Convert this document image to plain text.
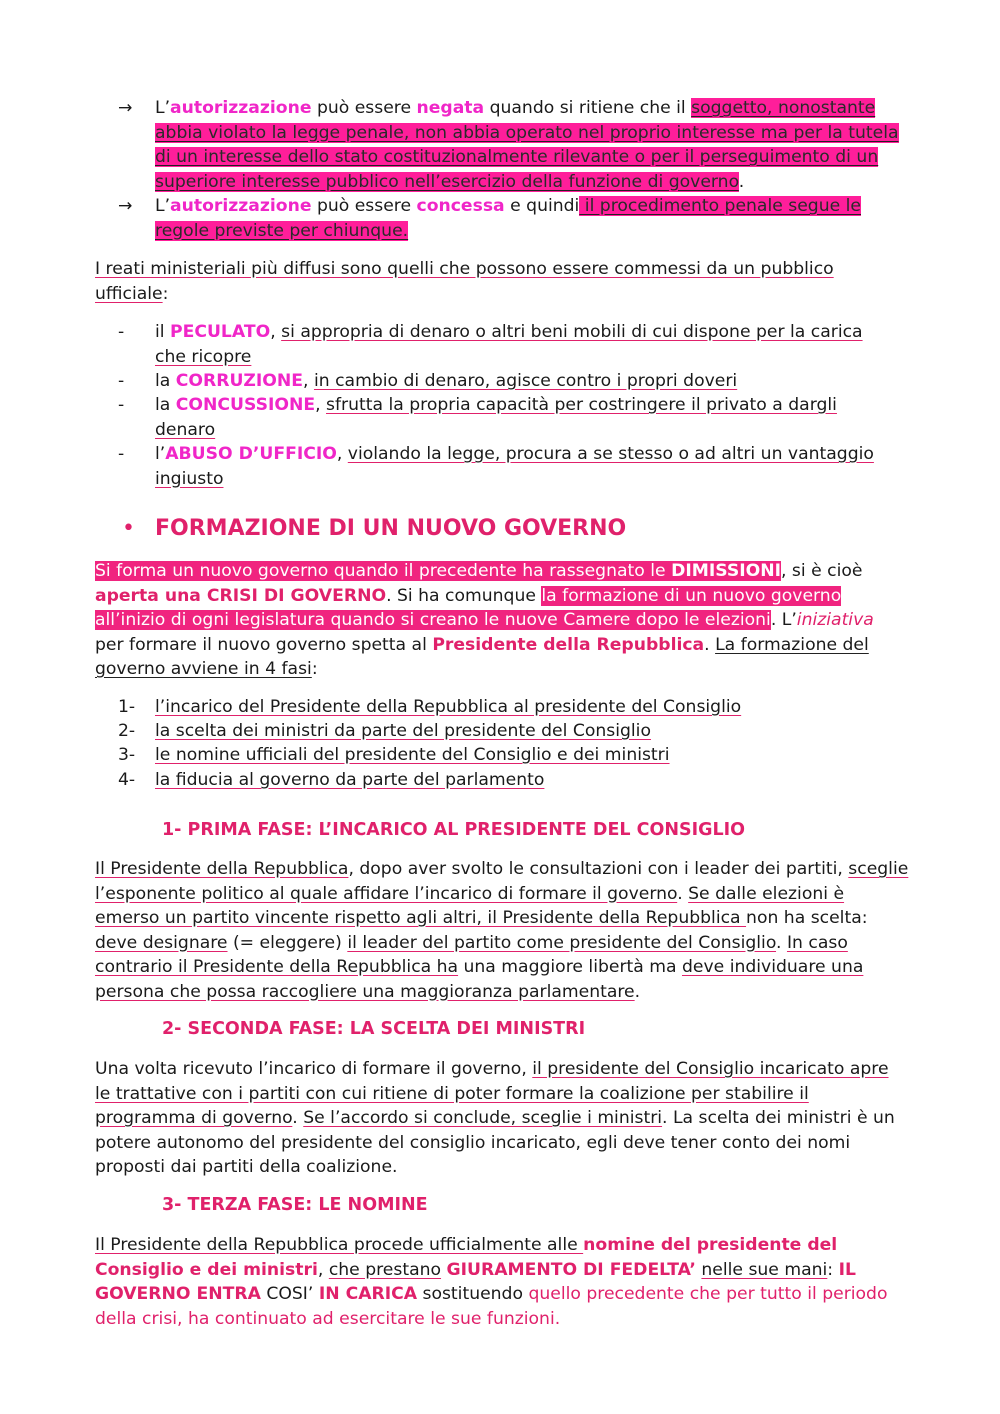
→ L’autorizzazione può essere negata quando si ritiene che il soggetto, nonostante abbia violato la legge penale, non abbia operato nel proprio interesse ma per la tutela di un interesse dello stato costituzionalmente rilevante o per il perseguimento di un superiore interesse pubblico nell’esercizio della funzione di governo.
→ L’autorizzazione può essere concessa e quindi il procedimento penale segue le regole previste per chiunque.
I reati ministeriali più diffusi sono quelli che possono essere commessi da un pubblico ufficiale:
- il PECULATO, si appropria di denaro o altri beni mobili di cui dispone per la carica che ricopre
- la CORRUZIONE, in cambio di denaro, agisce contro i propri doveri
- la CONCUSSIONE, sfrutta la propria capacità per costringere il privato a dargli denaro
- l’ABUSO D’UFFICIO, violando la legge, procura a se stesso o ad altri un vantaggio ingiusto
• FORMAZIONE DI UN NUOVO GOVERNO
Si forma un nuovo governo quando il precedente ha rassegnato le DIMISSIONI, si è cioè aperta una CRISI DI GOVERNO. Si ha comunque la formazione di un nuovo governo all’inizio di ogni legislatura quando si creano le nuove Camere dopo le elezioni. L’iniziativa per formare il nuovo governo spetta al Presidente della Repubblica. La formazione del governo avviene in 4 fasi:
1- l’incarico del Presidente della Repubblica al presidente del Consiglio
2- la scelta dei ministri da parte del presidente del Consiglio
3- le nomine ufficiali del presidente del Consiglio e dei ministri
4- la fiducia al governo da parte del parlamento
1- PRIMA FASE: L’INCARICO AL PRESIDENTE DEL CONSIGLIO
Il Presidente della Repubblica, dopo aver svolto le consultazioni con i leader dei partiti, sceglie l’esponente politico al quale affidare l’incarico di formare il governo. Se dalle elezioni è emerso un partito vincente rispetto agli altri, il Presidente della Repubblica non ha scelta: deve designare (= eleggere) il leader del partito come presidente del Consiglio. In caso contrario il Presidente della Repubblica ha una maggiore libertà ma deve individuare una persona che possa raccogliere una maggioranza parlamentare.
2- SECONDA FASE: LA SCELTA DEI MINISTRI
Una volta ricevuto l’incarico di formare il governo, il presidente del Consiglio incaricato apre le trattative con i partiti con cui ritiene di poter formare la coalizione per stabilire il programma di governo. Se l’accordo si conclude, sceglie i ministri. La scelta dei ministri è un potere autonomo del presidente del consiglio incaricato, egli deve tener conto dei nomi proposti dai partiti della coalizione.
3- TERZA FASE: LE NOMINE
Il Presidente della Repubblica procede ufficialmente alle nomine del presidente del Consiglio e dei ministri, che prestano GIURAMENTO DI FEDELTA’ nelle sue mani: IL GOVERNO ENTRA COSI’ IN CARICA sostituendo quello precedente che per tutto il periodo della crisi, ha continuato ad esercitare le sue funzioni.
